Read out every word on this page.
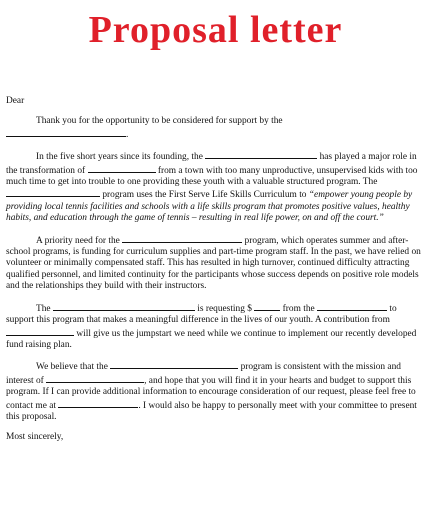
Proposal letter

Dear

Thank you for the opportunity to be considered for support by the
.

In the five short years since its founding, the	has played a major role in the transformation of	from a town with too many unproductive, unsupervised kids with too much time to get into trouble to one providing these youth with a valuable structured program. The  program uses the First Serve Life Skills Curriculum to “empower young people by providing local tennis facilities and schools with a life skills program that promotes positive values, healthy habits, and education through the game of tennis – resulting in real life power, on and off the court.”

A priority need for the	program, which operates summer and after-school programs, is funding for curriculum supplies and part-time program staff. In the past, we have relied on volunteer or minimally compensated staff. This has resulted in high turnover, continued difficulty attracting qualified personnel, and limited continuity for the participants whose success depends on positive role models and the relationships they build with their instructors.

The	is requesting $	from the	to support this program that makes a meaningful difference in the lives of our youth. A contribution from  will give us the jumpstart we need while we continue to implement our recently developed fund raising plan.

We believe that the	program is consistent with the mission and interest of	, and hope that you will find it in your hearts and budget to support this program. If I can provide additional information to encourage consideration of our request, please feel free to contact me at	. I would also be happy to personally meet with your committee to present this proposal.

Most sincerely,
